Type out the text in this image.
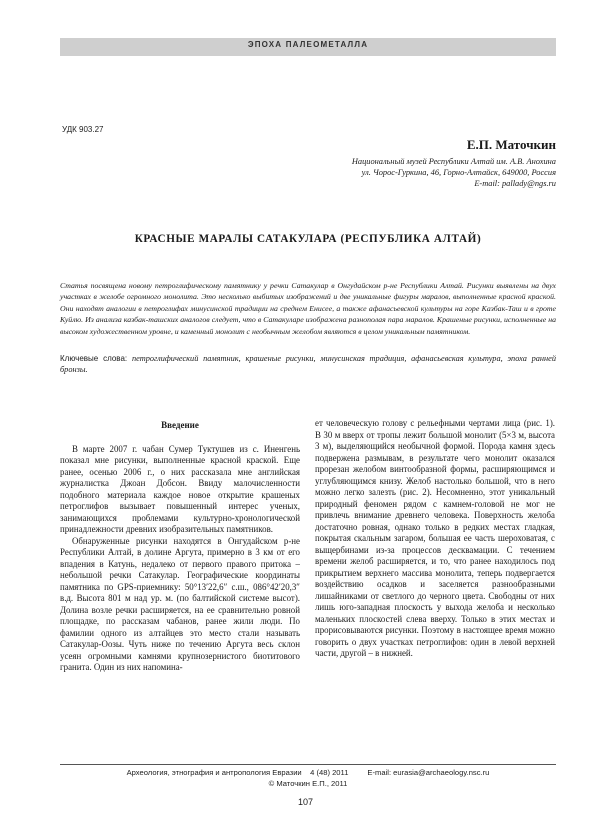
ЭПОХА ПАЛЕОМЕТАЛЛА
УДК 903.27
Е.П. Маточкин
Национальный музей Республики Алтай им. А.В. Анохина
ул. Чорос-Гуркина, 46, Горно-Алтайск, 649000, Россия
E-mail: pallady@ngs.ru
КРАСНЫЕ МАРАЛЫ САТАКУЛАРА (РЕСПУБЛИКА АЛТАЙ)
Статья посвящена новому петроглифическому памятнику у речки Сатакулар в Онгудайском р-не Республики Алтай. Рисунки выявлены на двух участках в желобе огромного монолита. Это несколько выбитых изображений и две уникальные фигуры маралов, выполненные красной краской. Они находят аналогии в петроглифах минусинской традиции на среднем Енисее, а также афанасьевской культуры на горе Казбак-Таш и в гроте Куйлю. Из анализа казбак-ташских аналогов следует, что в Сатакуларе изображена разнополая пара маралов. Крашеные рисунки, исполненные на высоком художественном уровне, и каменный монолит с необычным желобом являются в целом уникальным памятником.
Ключевые слова: петроглифический памятник, крашеные рисунки, минусинская традиция, афанасьевская культура, эпоха ранней бронзы.
Введение

В марте 2007 г. чабан Сумер Туктушев из с. Иненгень показал мне рисунки, выполненные красной краской. Еще ранее, осенью 2006 г., о них рассказала мне английская журналистка Джоан Добсон. Ввиду малочисленности подобного материала каждое новое открытие крашеных петроглифов вызывает повышенный интерес ученых, занимающихся проблемами культурно-хронологической принадлежности древних изобразительных памятников.

Обнаруженные рисунки находятся в Онгудайском р-не Республики Алтай, в долине Аргута, примерно в 3 км от его впадения в Катунь, недалеко от первого правого притока – небольшой речки Сатакулар. Географические координаты памятника по GPS-приемнику: 50°13′22,6″ с.ш., 086°42′20,3″ в.д. Высота 801 м над ур. м. (по балтийской системе высот). Долина возле речки расширяется, на ее сравнительно ровной площадке, по рассказам чабанов, ранее жили люди. По фамилии одного из алтайцев это место стали называть Сатакулар-Оозы. Чуть ниже по течению Аргута весь склон усеян огромными камнями крупнозернистого биотитового гранита. Один из них напомина-

ет человеческую голову с рельефными чертами лица (рис. 1). В 30 м вверх от тропы лежит большой монолит (5×3 м, высота 3 м), выделяющийся необычной формой. Порода камня здесь подвержена размывам, в результате чего монолит оказался прорезан желобом винтообразной формы, расширяющимся и углубляющимся книзу. Желоб настолько большой, что в него можно легко залезть (рис. 2). Несомненно, этот уникальный природный феномен рядом с камнем-головой не мог не привлечь внимание древнего человека. Поверхность желоба достаточно ровная, однако только в редких местах гладкая, покрытая скальным загаром, большая ее часть шероховатая, с выщербинами из-за процессов десквамации. С течением времени желоб расширяется, и то, что ранее находилось под прикрытием верхнего массива монолита, теперь подвергается воздействию осадков и заселяется разнообразными лишайниками от светлого до черного цвета. Свободны от них лишь юго-западная плоскость у выхода желоба и несколько маленьких плоскостей слева вверху. Только в этих местах и прорисовываются рисунки. Поэтому в настоящее время можно говорить о двух участках петроглифов: один в левой верхней части, другой – в нижней.

Археология, этнография и антропология Евразии 4 (48) 2011	E-mail: eurasia@archaeology.nsc.ru
© Маточкин Е.П., 2011
107
